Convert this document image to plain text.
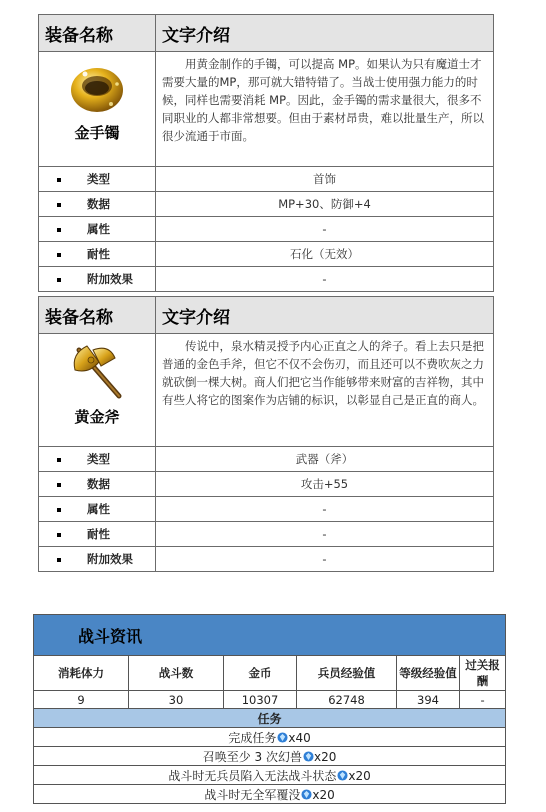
装备名称	文字介绍

金手镯	用黄金制作的手镯，可以提高 MP。如果认为只有魔道士才需要大量的MP，那可就大错特错了。当战士使用强力能力的时候，同样也需要消耗 MP。因此，金手镯的需求量很大，很多不同职业的人都非常想要。但由于素材昂贵，难以批量生产，所以很少流通于市面。
类型	首饰
数据	MP+30、防御+4
属性	-
耐性	石化（无效）
附加效果	-
装备名称	文字介绍

黄金斧	传说中，泉水精灵授予内心正直之人的斧子。看上去只是把普通的金色手斧，但它不仅不会伤刃，而且还可以不费吹灰之力就砍倒一棵大树。商人们把它当作能够带来财富的吉祥物，其中有些人将它的图案作为店铺的标识，以彰显自己是正直的商人。
类型	武器（斧）
数据	攻击+55
属性	-
耐性	-
附加效果	-
战斗资讯					
消耗体力	战斗数	金币	兵员经验值	等级经验值	过关报酬
9	30	10307	62748	394	-
任务					
完成任务 x40					
召唤至少 3 次幻兽 x20					
战斗时无兵员陷入无法战斗状态 x20					
战斗时无全军覆没 x20					
